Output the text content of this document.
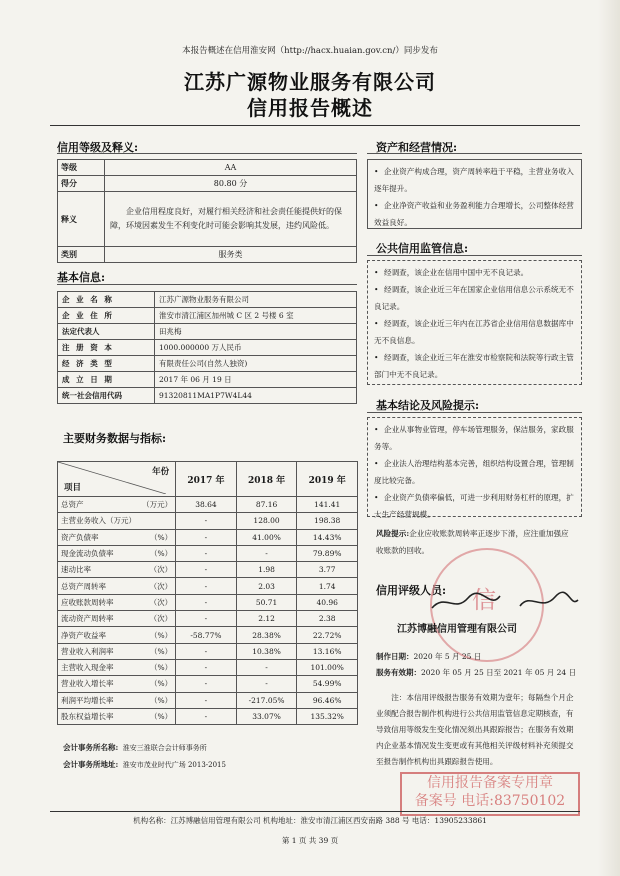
本报告概述在信用淮安网（http://hacx.huaian.gov.cn/）同步发布
江苏广源物业服务有限公司
信用报告概述
信用等级及释义:
等级	AA
得分	80.80 分
释义	企业信用程度良好，对履行相关经济和社会责任能提供好的保障，环境因素发生不利变化时可能会影响其发展，违约风险低。
类别	服务类
基本信息:
企 业 名 称	江苏广源物业服务有限公司
企 业 住 所	淮安市清江浦区加州城 C 区 2 号楼 6 室
法定代表人	田兆梅
注 册 资 本	1000.000000 万人民币
经 济 类 型	有限责任公司(自然人独资)
成 立 日 期	2017 年 06 月 19 日
统一社会信用代码	91320811MA1P7W4L44
主要财务数据与指标:
年份
项目	2017 年	2018 年	2019 年
总资产 （万元）	38.64	87.16	141.41
主营业务收入（万元）	-	128.00	198.38
资产负债率 （%）	-	41.00%	14.43%
现金流动负债率 （%）	-	-	79.89%
速动比率 （次）	-	1.98	3.77
总资产周转率 （次）	-	2.03	1.74
应收账款周转率 （次）	-	50.71	40.96
流动资产周转率 （次）	-	2.12	2.38
净资产收益率 （%）	-58.77%	28.38%	22.72%
营业收入利润率 （%）	-	10.38%	13.16%
主营收入现金率 （%）	-	-	101.00%
营业收入增长率 （%）	-	-	54.99%
利润平均增长率 （%）	-	-217.05%	96.46%
股东权益增长率 （%）	-	33.07%	135.32%
会计事务所名称: 淮安三淮联合会计师事务所
会计事务所地址: 淮安市茂业时代广场 2013-2015
资产和经营情况:

• 企业资产构成合理，资产周转率趋于平稳，主营业务收入逐年提升。

• 企业净资产收益和业务盈利能力合理增长，公司整体经营效益良好。

公共信用监管信息:

• 经调查，该企业在信用中国中无不良记录。

• 经调查，该企业近三年在国家企业信用信息公示系统无不良记录。

• 经调查，该企业近三年内在江苏省企业信用信息数据库中无不良信息。

• 经调查，该企业近三年在淮安市检察院和法院等行政主管部门中无不良记录。

基本结论及风险提示:

• 企业从事物业管理，停车场管理服务，保洁服务，家政服务等。

• 企业法人治理结构基本完善，组织结构设置合理，管理制度比较完备。

• 企业资产负债率偏低，可进一步利用财务杠杆的原理，扩大生产经营规模。

风险提示:企业应收账款周转率正逐步下滑，应注重加强应收账款的回收。
信用评级人员: 信
江苏博融信用管理有限公司
制作日期：2020 年 5 月 25 日
服务有效期：2020 年 05 月 25 日至 2021 年 05 月 24 日
注：本信用评级报告服务有效期为壹年；每隔叁个月企业须配合报告制作机构进行公共信用监管信息定期核查，有导致信用等级发生变化情况须出具跟踪报告；在服务有效期内企业基本情况发生变更或有其他相关评级材料补充须提交至报告制作机构出具跟踪报告使用。
信用报告备案专用章
备案号 电话:83750102
机构名称：江苏博融信用管理有限公司 机构地址：淮安市清江浦区西安南路 388 号 电话：13905233861
第 1 页 共 39 页
